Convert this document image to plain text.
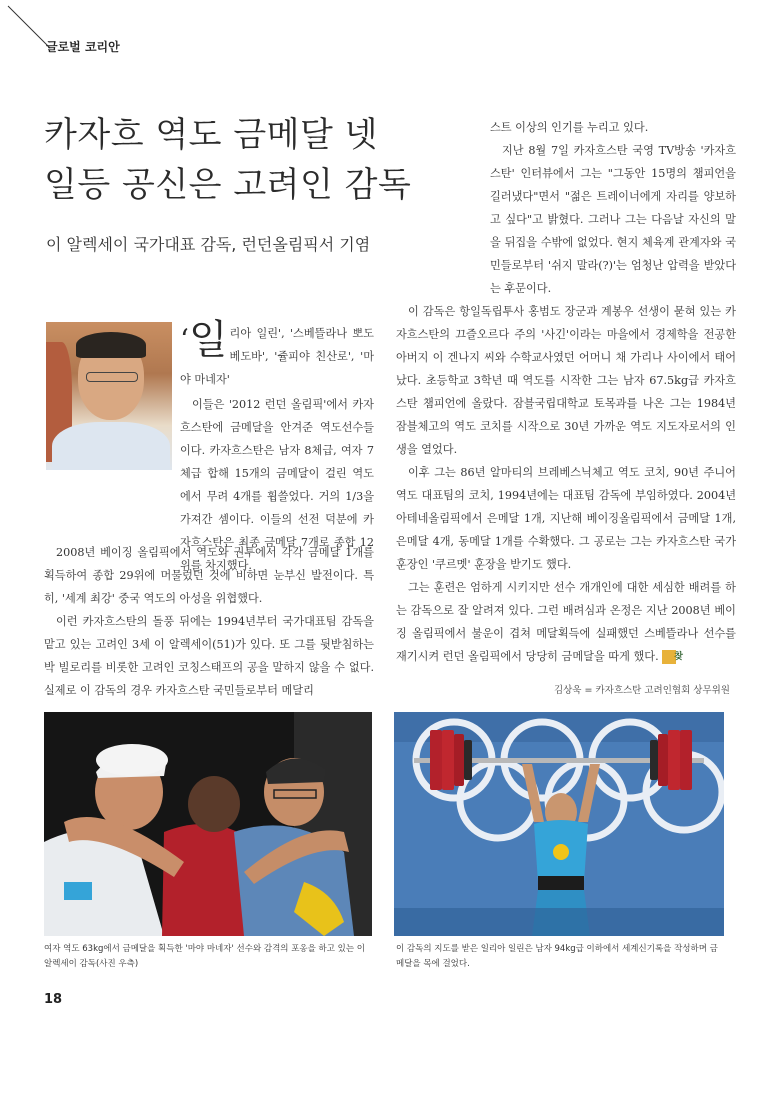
글로벌 코리안
카자흐 역도 금메달 넷
일등 공신은 고려인 감독
이 알렉세이 국가대표 감독, 런던올림픽서 기염

스트 이상의 인기를 누리고 있다.

지난 8월 7일 카자흐스탄 국영 TV방송 '카자흐스탄' 인터뷰에서 그는 "그동안 15명의 챔피언을 길러냈다"면서 "젊은 트레이너에게 자리를 양보하고 싶다"고 밝혔다. 그러나 그는 다음날 자신의 말을 뒤집을 수밖에 없었다. 현지 체육계 관계자와 국민들로부터 '쉬지 말라(?)'는 엄청난 압력을 받았다는 후문이다.

‘일 리아 일린', '스베뜰라나 뽀도베도바', '쥴피야 친산로', '마야 마네자'

이들은 '2012 런던 올림픽'에서 카자흐스탄에 금메달을 안겨준 역도선수들이다. 카자흐스탄은 남자 8체급, 여자 7체급 합해 15개의 금메달이 걸린 역도에서 무려 4개를 휩쓸었다. 거의 1/3을 가져간 셈이다. 이들의 선전 덕분에 카자흐스탄은 최종 금메달 7개로 종합 12위를 차지했다.

2008년 베이징 올림픽에서 역도와 권투에서 각각 금메달 1개를 획득하여 종합 29위에 머물렀던 것에 비하면 눈부신 발전이다. 특히, '세계 최강' 중국 역도의 아성을 위협했다.

이런 카자흐스탄의 돌풍 뒤에는 1994년부터 국가대표팀 감독을 맡고 있는 고려인 3세 이 알렉세이(51)가 있다. 또 그를 뒷받침하는 박 빌로리를 비롯한 고려인 코칭스태프의 공을 말하지 않을 수 없다. 실제로 이 감독의 경우 카자흐스탄 국민들로부터 메달리

이 감독은 항일독립투사 홍범도 장군과 계봉우 선생이 묻혀 있는 카자흐스탄의 끄즐오르다 주의 '사긴'이라는 마을에서 경제학을 전공한 아버지 이 겐나지 씨와 수학교사였던 어머니 채 가리나 사이에서 태어났다. 초등학교 3학년 때 역도를 시작한 그는 남자 67.5kg급 카자흐스탄 챔피언에 올랐다. 잠블국립대학교 토목과를 나온 그는 1984년 잠블체고의 역도 코치를 시작으로 30년 가까운 역도 지도자로서의 인생을 열었다.

이후 그는 86년 알마티의 브레베스닉체고 역도 코치, 90년 주니어 역도 대표팀의 코치, 1994년에는 대표팀 감독에 부임하였다. 2004년 아테네올림픽에서 은메달 1개, 지난해 베이징올림픽에서 금메달 1개, 은메달 4개, 동메달 1개를 수확했다. 그 공로는 그는 카자흐스탄 국가 훈장인 '쿠르멧' 훈장을 받기도 했다.

그는 훈련은 엄하게 시키지만 선수 개개인에 대한 세심한 배려를 하는 감독으로 잘 알려져 있다. 그런 배려심과 온정은 지난 2008년 베이징 올림픽에서 불운이 겹쳐 메달획득에 실패했던 스베뜰라나 선수를 재기시켜 런던 올림픽에서 당당히 금메달을 따게 했다. 찾

김상욱 = 카자흐스탄 고려인협회 상무위원
여자 역도 63kg에서 금메달을 획득한 '마야 마네자' 선수와 감격의 포옹을 하고 있는 이 알렉세이 감독(사진 우측)
이 감독의 지도를 받은 일리아 일린은 남자 94kg급 이하에서 세계신기록을 작성하며 금메달을 목에 걸었다.
18
